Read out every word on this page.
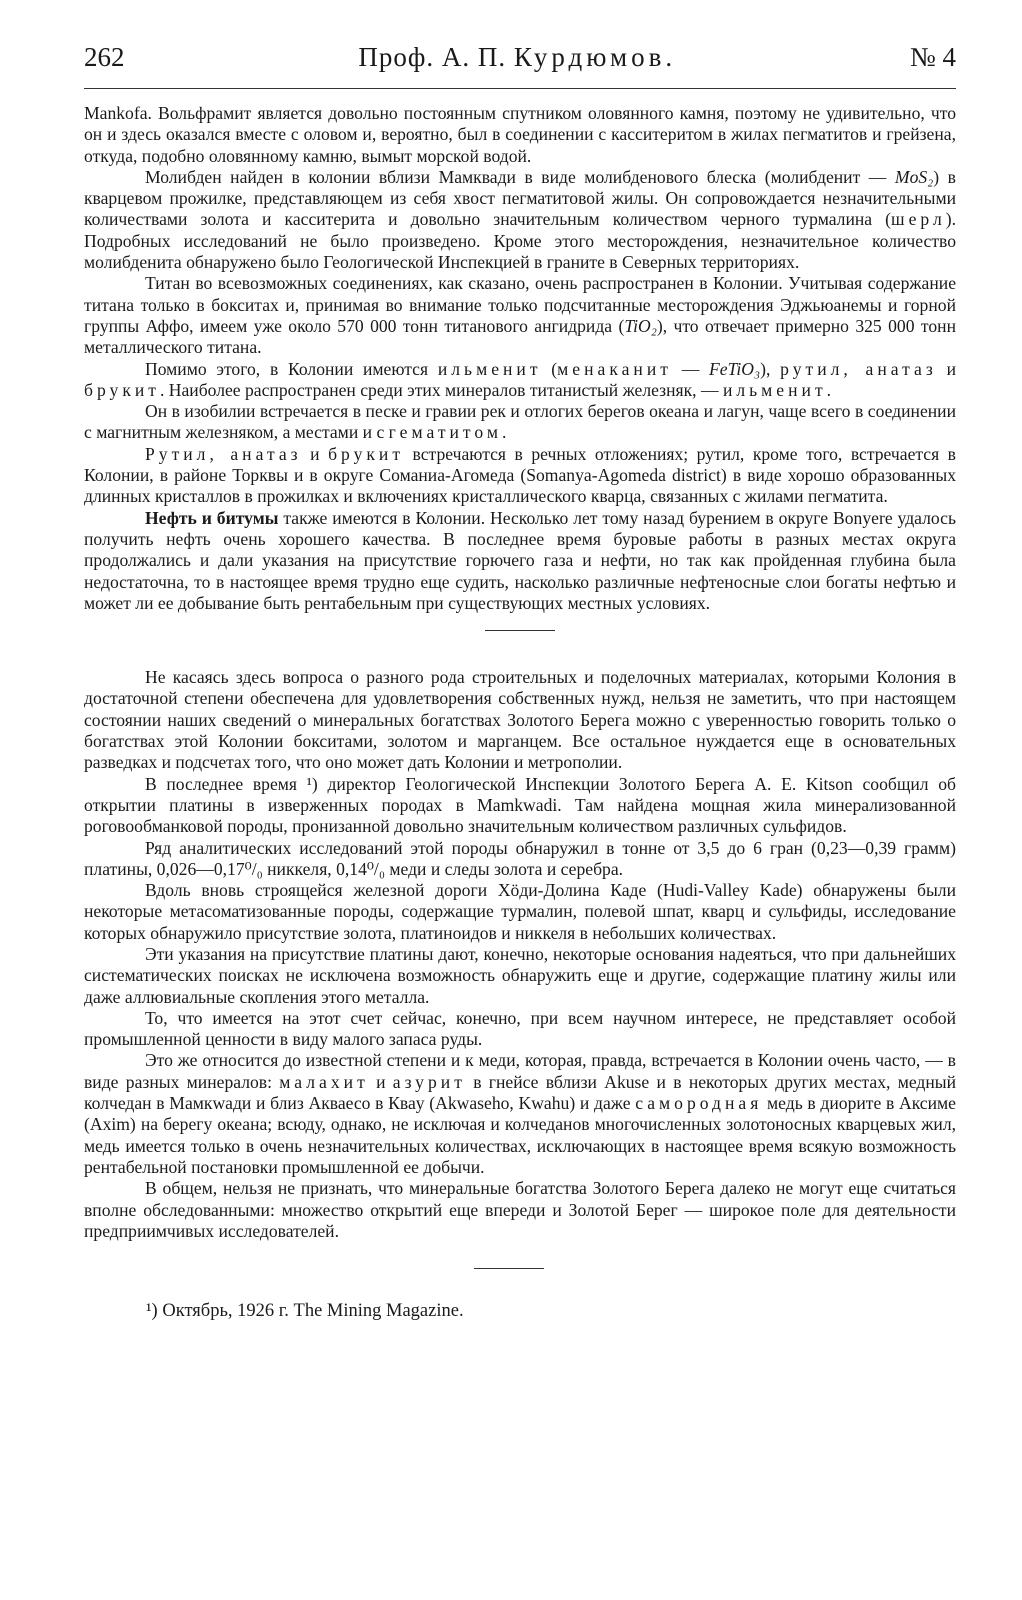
262	Проф. А. П. Курдюмов.	№ 4

Mankofa. Вольфрамит является довольно постоянным спутником оловянного камня, поэтому не удивительно, что он и здесь оказался вместе с оловом и, вероятно, был в соединении с касситеритом в жилах пегматитов и грейзена, откуда, подобно оловянному камню, вымыт морской водой.

Молибден найден в колонии вблизи Мамквади в виде молибденового блеска (молибденит — MoS₂) в кварцевом прожилке, представляющем из себя хвост пегматитовой жилы. Он сопровождается незначительными количествами золота и касситерита и довольно значительным количеством черного турмалина (шерл). Подробных исследований не было произведено. Кроме этого месторождения, незначительное количество молибденита обнаружено было Геологической Инспекцией в граните в Северных территориях.

Титан во всевозможных соединениях, как сказано, очень распространен в Колонии. Учитывая содержание титана только в бокситах и, принимая во внимание только подсчитанные месторождения Эджьюанемы и горной группы Аффо, имеем уже около 570 000 тонн титанового ангидрида (TiO₂), что отвечает примерно 325 000 тонн металлического титана.

Помимо этого, в Колонии имеются ильменит (менаканит — FeTiO₃), рутил, анатаз и брукит. Наиболее распространен среди этих минералов титанистый железняк, — ильменит.

Он в изобилии встречается в песке и гравии рек и отлогих берегов океана и лагун, чаще всего в соединении с магнитным железняком, а местами и с гематитом.

Рутил, анатаз и брукит встречаются в речных отложениях; рутил, кроме того, встречается в Колонии, в районе Торквы и в округе Соманиа-Агомеда (Somanya-Agomeda district) в виде хорошо образованных длинных кристаллов в прожилках и включениях кристаллического кварца, связанных с жилами пегматита.

Нефть и битумы также имеются в Колонии. Несколько лет тому назад бурением в округе Bonyere удалось получить нефть очень хорошего качества. В последнее время буровые работы в разных местах округа продолжались и дали указания на присутствие горючего газа и нефти, но так как пройденная глубина была недостаточна, то в настоящее время трудно еще судить, насколько различные нефтеносные слои богаты нефтью и может ли ее добывание быть рентабельным при существующих местных условиях.

Не касаясь здесь вопроса о разного рода строительных и поделочных материалах, которыми Колония в достаточной степени обеспечена для удовлетворения собственных нужд, нельзя не заметить, что при настоящем состоянии наших сведений о минеральных богатствах Золотого Берега можно с уверенностью говорить только о богатствах этой Колонии бокситами, золотом и марганцем. Все остальное нуждается еще в основательных разведках и подсчетах того, что оно может дать Колонии и метрополии.

В последнее время ¹) директор Геологической Инспекции Золотого Берега А. Е. Kitson сообщил об открытии платины в изверженных породах в Mamkwadi. Там найдена мощная жила минерализованной роговообманковой породы, пронизанной довольно значительным количеством различных сульфидов.

Ряд аналитических исследований этой породы обнаружил в тонне от 3,5 до 6 гран (0,23—0,39 грамм) платины, 0,026—0,17⁰/₀ никкеля, 0,14⁰/₀ меди и следы золота и серебра.

Вдоль вновь строящейся железной дороги Хöди-Долина Каде (Hudi-Valley Kade) обнаружены были некоторые метасоматизованные породы, содержащие турмалин, полевой шпат, кварц и сульфиды, исследование которых обнаружило присутствие золота, платиноидов и никкеля в небольших количествах.

Эти указания на присутствие платины дают, конечно, некоторые основания надеяться, что при дальнейших систематических поисках не исключена возможность обнаружить еще и другие, содержащие платину жилы или даже аллювиальные скопления этого металла.

То, что имеется на этот счет сейчас, конечно, при всем научном интересе, не представляет особой промышленной ценности в виду малого запаса руды.

Это же относится до известной степени и к меди, которая, правда, встречается в Колонии очень часто, — в виде разных минералов: малахит и азурит в гнейсе вблизи Akuse и в некоторых других местах, медный колчедан в Мамкwади и близ Акваесо в Кваy (Akwaseho, Kwahu) и даже самородная медь в диорите в Аксиме (Axim) на берегу океана; всюду, однако, не исключая и колчеданов многочисленных золотоносных кварцевых жил, медь имеется только в очень незначительных количествах, исключающих в настоящее время всякую возможность рентабельной постановки промышленной ее добычи.

В общем, нельзя не признать, что минеральные богатства Золотого Берега далеко не могут еще считаться вполне обследованными: множество открытий еще впереди и Золотой Берег — широкое поле для деятельности предприимчивых исследователей.

¹) Октябрь, 1926 г. The Mining Magazine.
